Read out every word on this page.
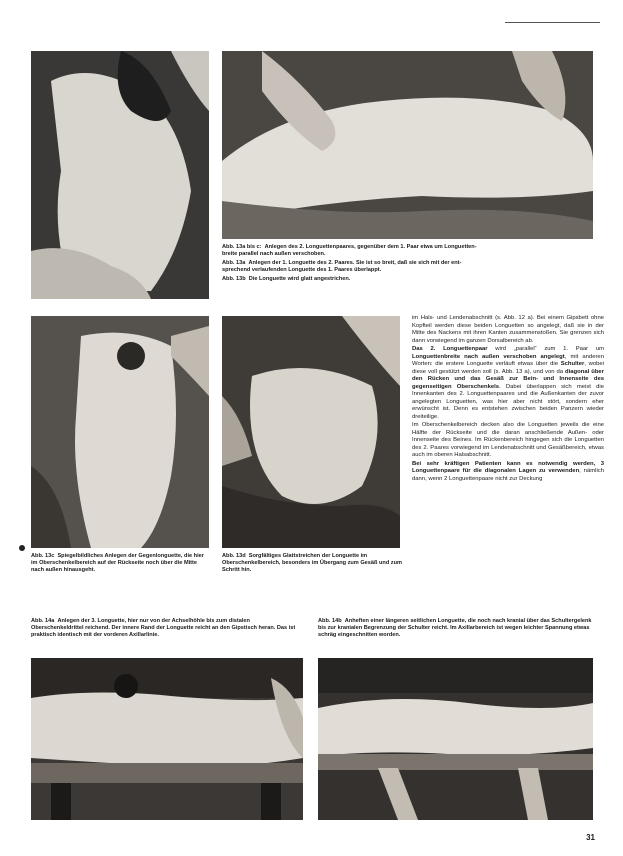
Abb. 13a bis c: Anlegen des 2. Longuettenpaares, gegenüber dem 1. Paar etwa um Longuetten-
breite parallel nach außen verschoben.

Abb. 13a Anlegen der 1. Longuette des 2. Paares. Sie ist so breit, daß sie sich mit der ent-
sprechend verlaufenden Longuette des 1. Paares überlappt.

Abb. 13b Die Longuette wird glatt angestrichen.

Abb. 13c Spiegelbildliches Anlegen der Gegenlonguette, die hier im Oberschenkelbereich auf der Rückseite noch über die Mitte nach außen hinausgeht.

Abb. 13d Sorgfältiges Glattstreichen der Longuette im Oberschenkelbereich, besonders im Übergang zum Gesäß und zum Schritt hin.

im Hals- und Lendenabschnitt (s. Abb. 12 a). Bei einem Gipsbett ohne Kopfteil werden diese beiden Longuetten so angelegt, daß sie in der Mitte des Nackens mit ihren Kanten zusammenstoßen. Sie grenzen sich dann vorwiegend im ganzen Dorsalbereich ab.

Das 2. Longuettenpaar wird „parallel“ zum 1. Paar um Longuettenbreite nach außen verschoben angelegt, mit anderen Worten: die erstere Longuette verläuft etwas über die Schulter, wobei diese voll gestützt werden soll (s. Abb. 13 a), und von da diagonal über den Rücken und das Gesäß zur Bein- und Innenseite des gegenseitigen Oberschenkels. Dabei überlappen sich meist die Innenkanten des 2. Longuettenpaares und die Außenkanten der zuvor angelegten Longuetten, was hier aber nicht stört, sondern eher erwünscht ist. Denn es entstehen zwischen beiden Panzern wieder dreiteilige.

Im Oberschenkelbereich decken also die Longuetten jeweils die eine Hälfte der Rückseite und die daran anschließende Außen- oder Innenseite des Beines. Im Rückenbereich hingegen sich die Longuetten des 2. Paares vorwiegend im Lendenabschnitt und Gesäßbereich, etwas auch im oberen Halsabschnitt.

Bei sehr kräftigen Patienten kann es notwendig werden, 3 Longuettenpaare für die diagonalen Lagen zu verwenden, nämlich dann, wenn 2 Longuettenpaare nicht zur Deckung

Abb. 14a Anlegen der 3. Longuette, hier nur von der Achselhöhle bis zum distalen Oberschenkeldrittel reichend. Der innere Rand der Longuette reicht an den Gipstisch heran. Das ist praktisch identisch mit der vorderen Axillarlinie.

Abb. 14b Anheften einer längeren seitlichen Longuette, die noch nach kranial über das Schultergelenk bis zur kranialen Begrenzung der Schulter reicht. Im Axillarbereich ist wegen leichter Spannung etwas schräg eingeschnitten worden.

31
